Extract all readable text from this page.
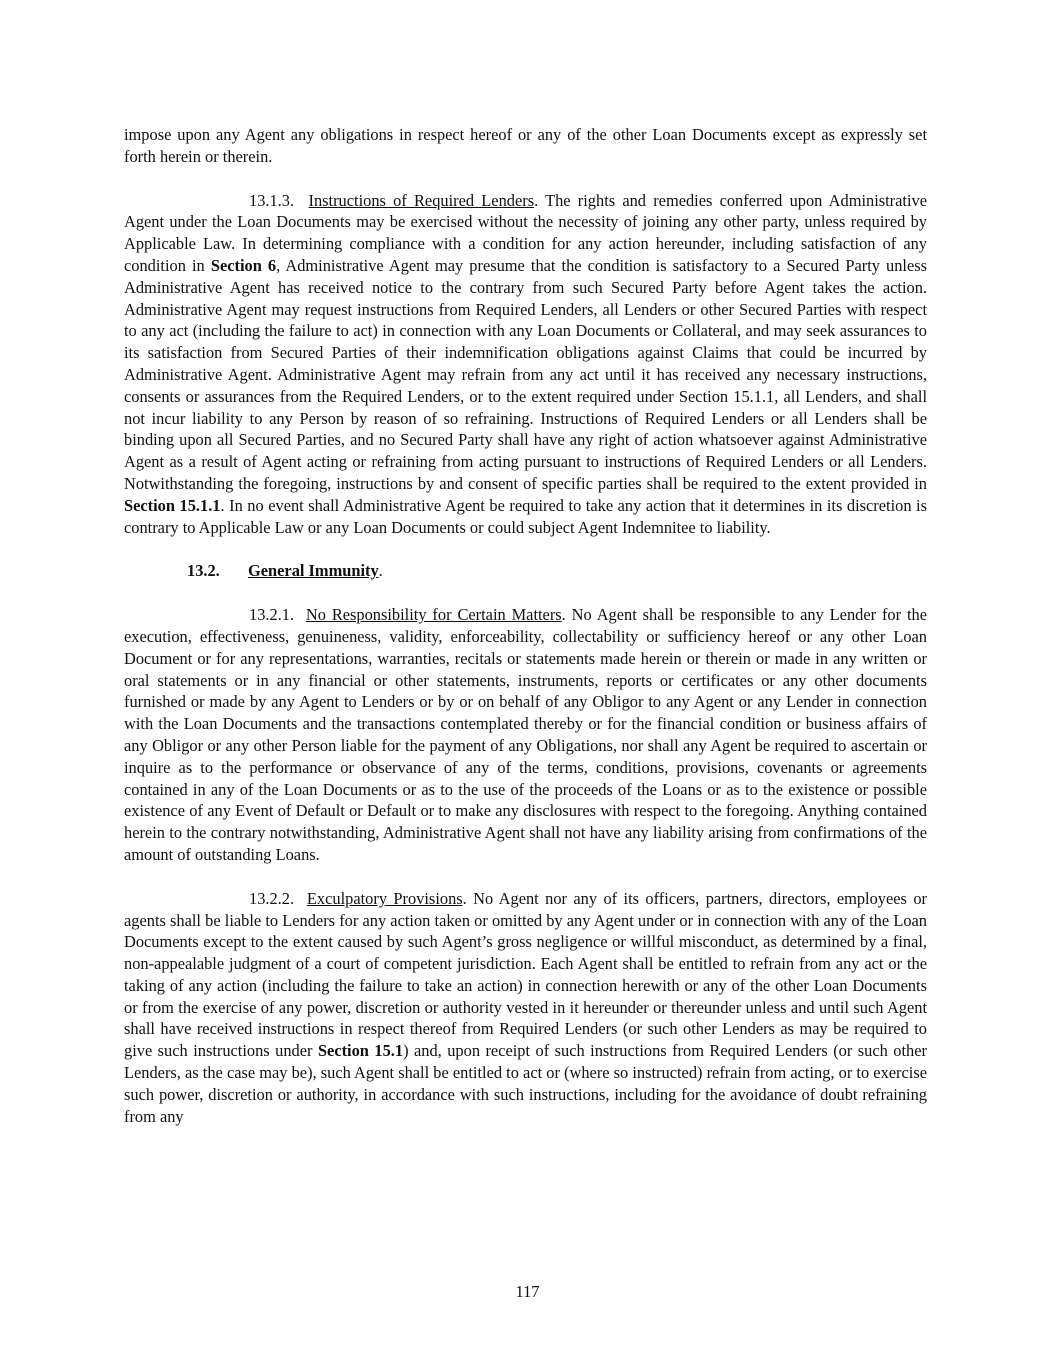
impose upon any Agent any obligations in respect hereof or any of the other Loan Documents except as expressly set forth herein or therein.

13.1.3. Instructions of Required Lenders. The rights and remedies conferred upon Administrative Agent under the Loan Documents may be exercised without the necessity of joining any other party, unless required by Applicable Law. In determining compliance with a condition for any action hereunder, including satisfaction of any condition in Section 6, Administrative Agent may presume that the condition is satisfactory to a Secured Party unless Administrative Agent has received notice to the contrary from such Secured Party before Agent takes the action. Administrative Agent may request instructions from Required Lenders, all Lenders or other Secured Parties with respect to any act (including the failure to act) in connection with any Loan Documents or Collateral, and may seek assurances to its satisfaction from Secured Parties of their indemnification obligations against Claims that could be incurred by Administrative Agent. Administrative Agent may refrain from any act until it has received any necessary instructions, consents or assurances from the Required Lenders, or to the extent required under Section 15.1.1, all Lenders, and shall not incur liability to any Person by reason of so refraining. Instructions of Required Lenders or all Lenders shall be binding upon all Secured Parties, and no Secured Party shall have any right of action whatsoever against Administrative Agent as a result of Agent acting or refraining from acting pursuant to instructions of Required Lenders or all Lenders. Notwithstanding the foregoing, instructions by and consent of specific parties shall be required to the extent provided in Section 15.1.1. In no event shall Administrative Agent be required to take any action that it determines in its discretion is contrary to Applicable Law or any Loan Documents or could subject Agent Indemnitee to liability.

13.2. General Immunity.

13.2.1. No Responsibility for Certain Matters. No Agent shall be responsible to any Lender for the execution, effectiveness, genuineness, validity, enforceability, collectability or sufficiency hereof or any other Loan Document or for any representations, warranties, recitals or statements made herein or therein or made in any written or oral statements or in any financial or other statements, instruments, reports or certificates or any other documents furnished or made by any Agent to Lenders or by or on behalf of any Obligor to any Agent or any Lender in connection with the Loan Documents and the transactions contemplated thereby or for the financial condition or business affairs of any Obligor or any other Person liable for the payment of any Obligations, nor shall any Agent be required to ascertain or inquire as to the performance or observance of any of the terms, conditions, provisions, covenants or agreements contained in any of the Loan Documents or as to the use of the proceeds of the Loans or as to the existence or possible existence of any Event of Default or Default or to make any disclosures with respect to the foregoing. Anything contained herein to the contrary notwithstanding, Administrative Agent shall not have any liability arising from confirmations of the amount of outstanding Loans.

13.2.2. Exculpatory Provisions. No Agent nor any of its officers, partners, directors, employees or agents shall be liable to Lenders for any action taken or omitted by any Agent under or in connection with any of the Loan Documents except to the extent caused by such Agent’s gross negligence or willful misconduct, as determined by a final, non-appealable judgment of a court of competent jurisdiction. Each Agent shall be entitled to refrain from any act or the taking of any action (including the failure to take an action) in connection herewith or any of the other Loan Documents or from the exercise of any power, discretion or authority vested in it hereunder or thereunder unless and until such Agent shall have received instructions in respect thereof from Required Lenders (or such other Lenders as may be required to give such instructions under Section 15.1) and, upon receipt of such instructions from Required Lenders (or such other Lenders, as the case may be), such Agent shall be entitled to act or (where so instructed) refrain from acting, or to exercise such power, discretion or authority, in accordance with such instructions, including for the avoidance of doubt refraining from any

117
